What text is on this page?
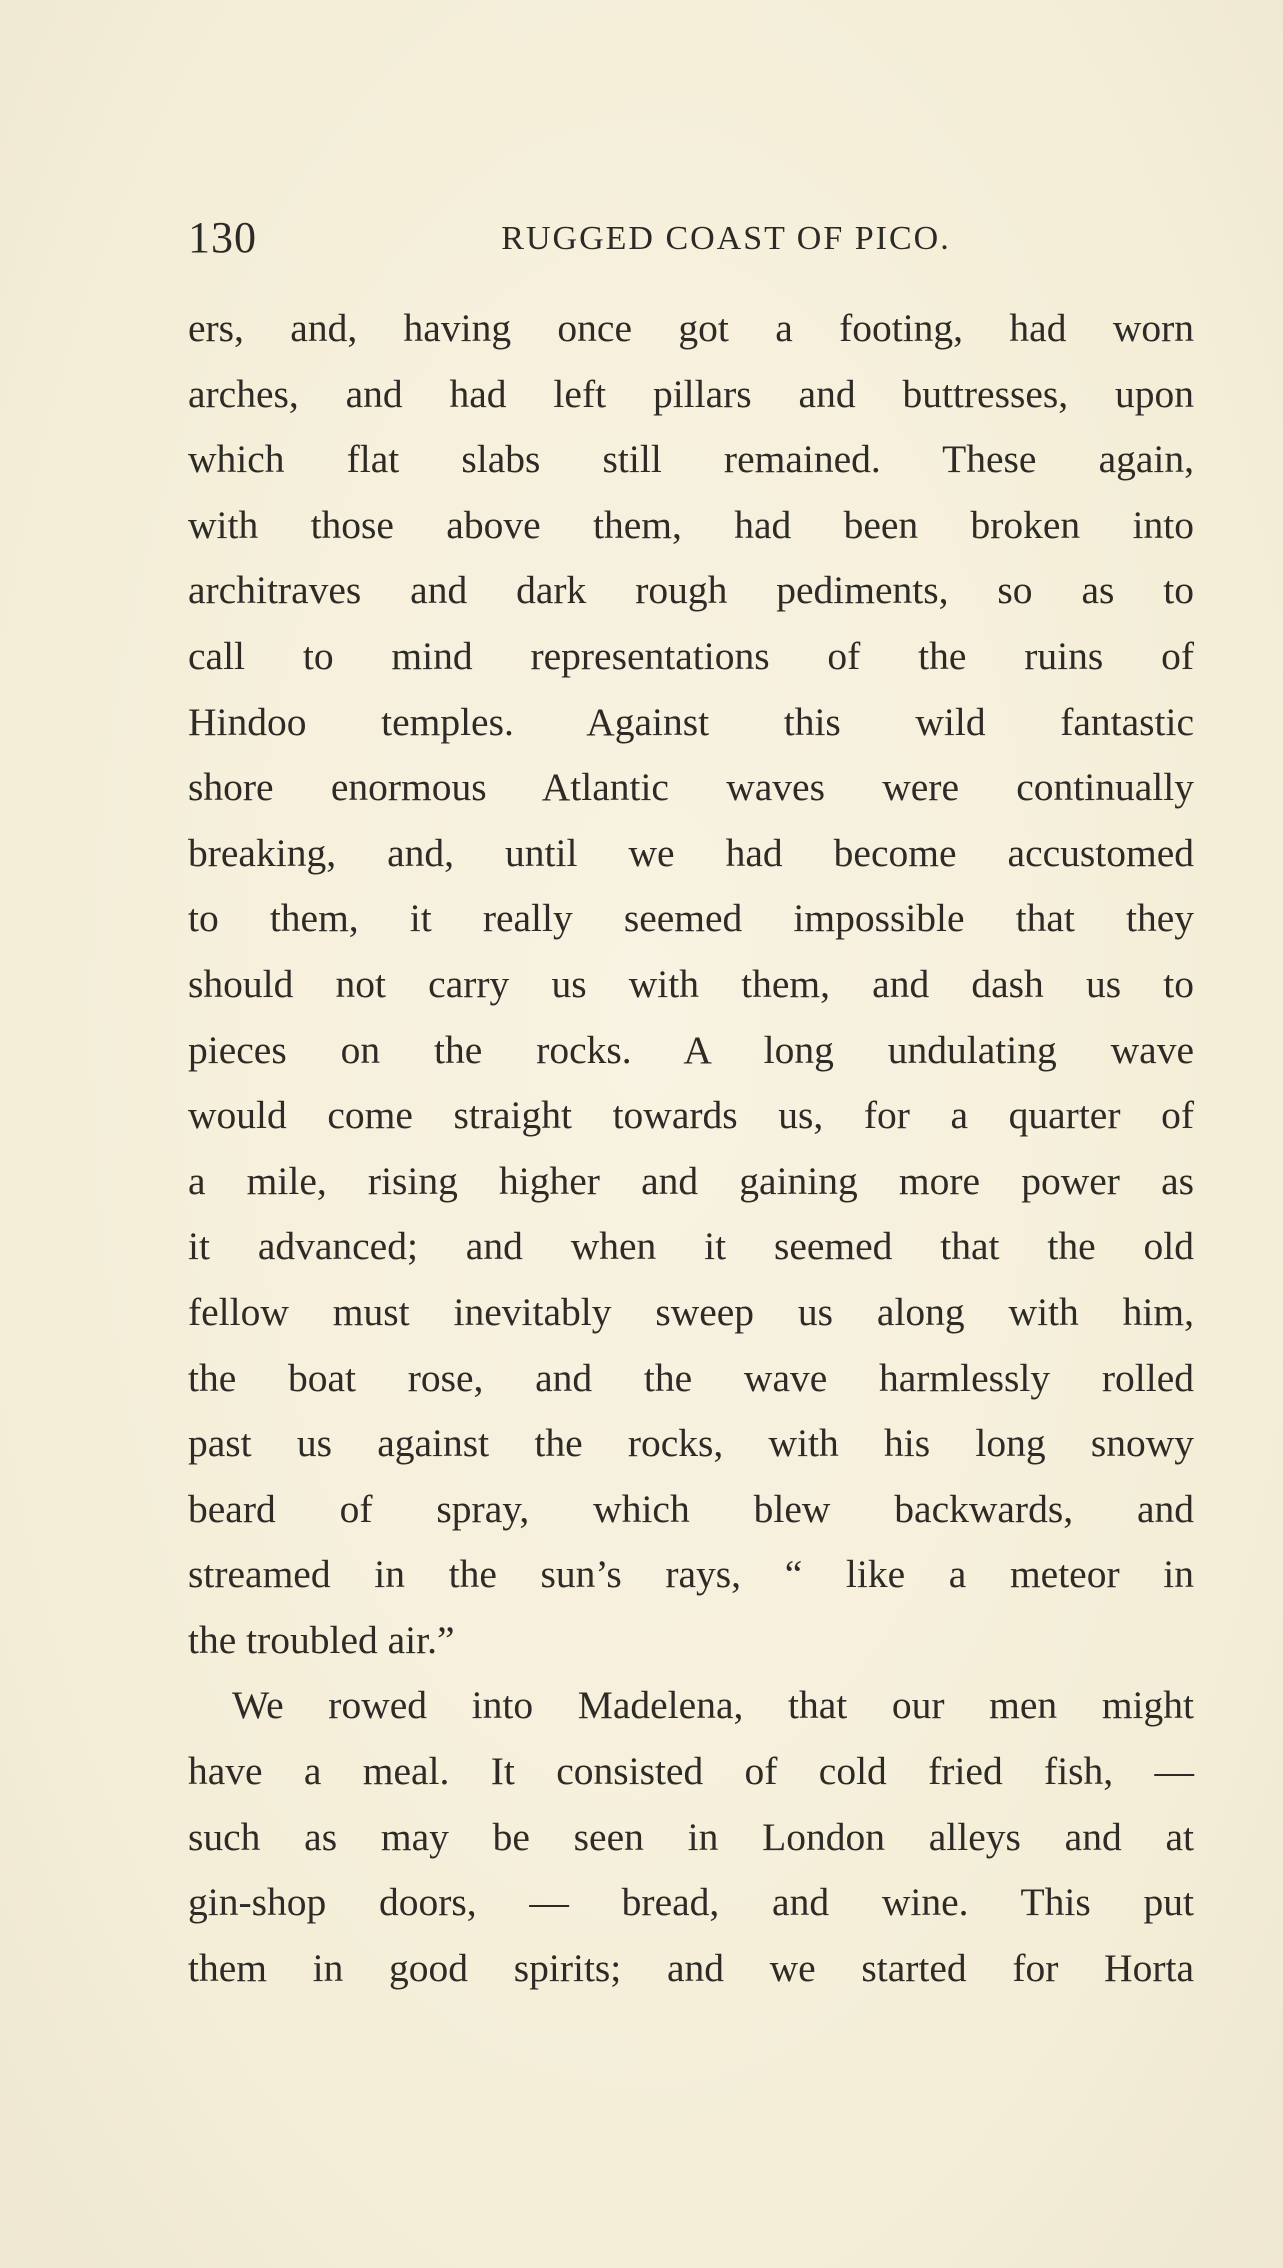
130	RUGGED COAST OF PICO.
ers, and, having once got a footing, had worn
arches, and had left pillars and buttresses, upon
which flat slabs still remained. These again,
with those above them, had been broken into
architraves and dark rough pediments, so as to
call to mind representations of the ruins of
Hindoo temples. Against this wild fantastic
shore enormous Atlantic waves were continually
breaking, and, until we had become accustomed
to them, it really seemed impossible that they
should not carry us with them, and dash us to
pieces on the rocks. A long undulating wave
would come straight towards us, for a quarter of
a mile, rising higher and gaining more power as
it advanced; and when it seemed that the old
fellow must inevitably sweep us along with him,
the boat rose, and the wave harmlessly rolled
past us against the rocks, with his long snowy
beard of spray, which blew backwards, and
streamed in the sun’s rays, “ like a meteor in
the troubled air.”
We rowed into Madelena, that our men might
have a meal. It consisted of cold fried fish, —
such as may be seen in London alleys and at
gin-shop doors, — bread, and wine. This put
them in good spirits; and we started for Horta
